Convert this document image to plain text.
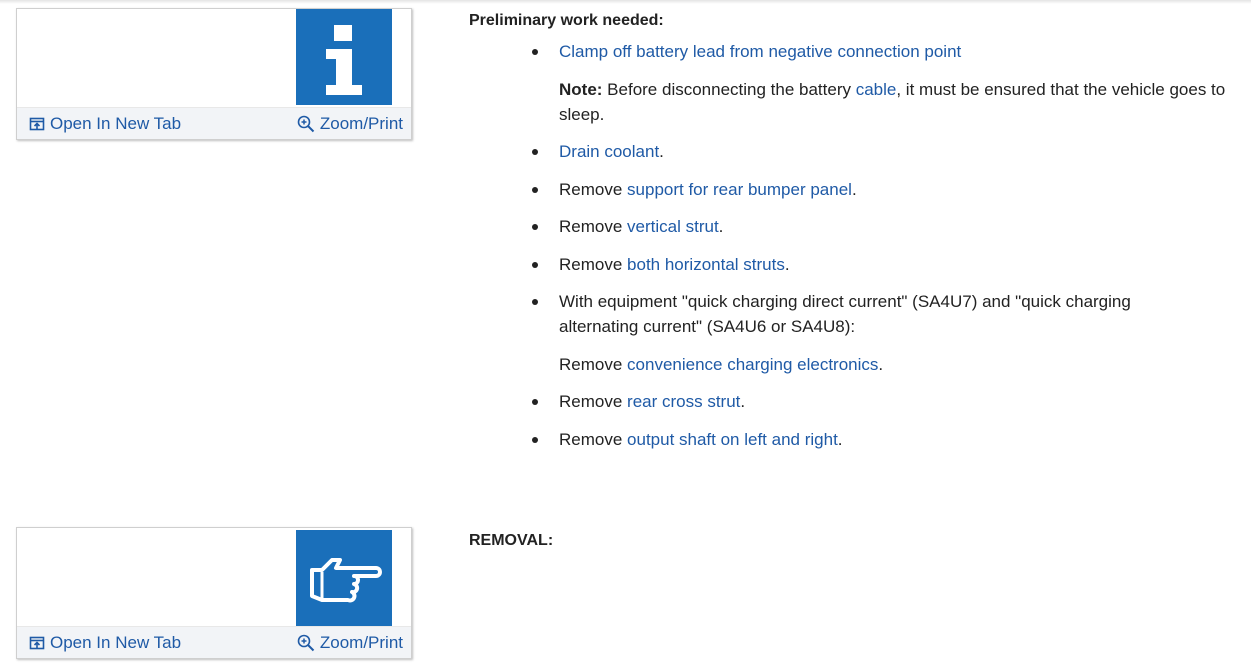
Open In New Tab	Zoom/Print
Open In New Tab	Zoom/Print
Preliminary work needed:
Clamp off battery lead from negative connection point
Note: Before disconnecting the battery cable, it must be ensured that the vehicle goes to sleep.
Drain coolant.
Remove support for rear bumper panel.
Remove vertical strut.
Remove both horizontal struts.
With equipment "quick charging direct current" (SA4U7) and "quick charging alternating current" (SA4U6 or SA4U8):
Remove convenience charging electronics.
Remove rear cross strut.
Remove output shaft on left and right.
REMOVAL:
